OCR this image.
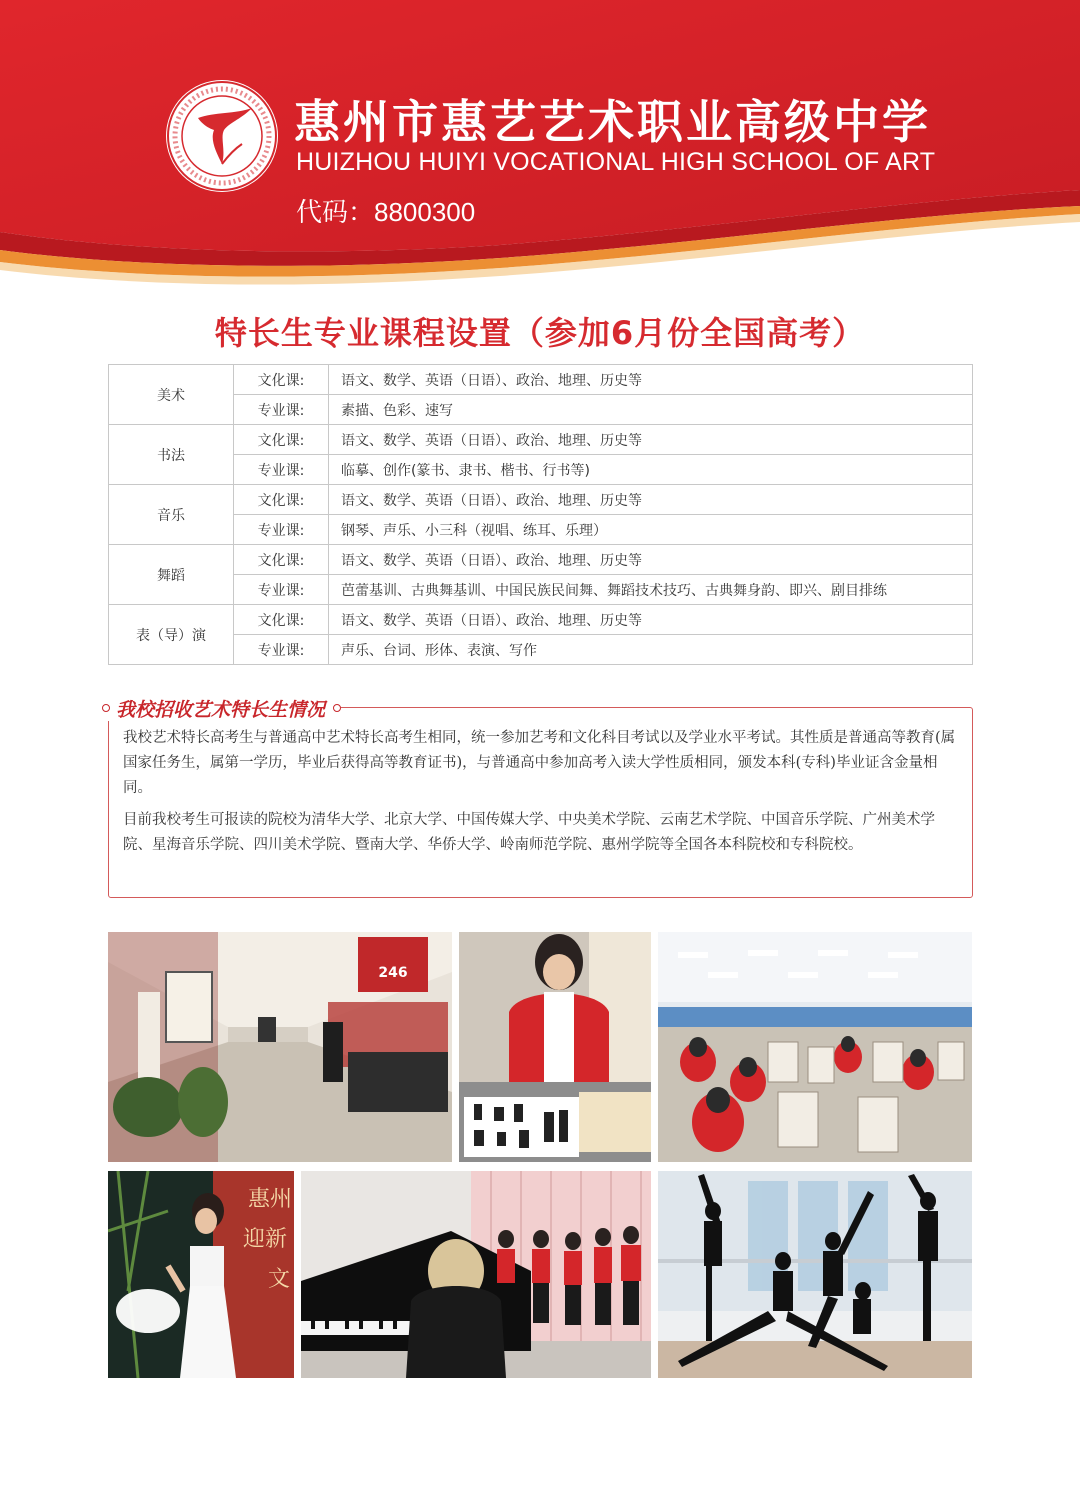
惠州市惠艺艺术职业高级中学
HUIZHOU HUIYI VOCATIONAL HIGH SCHOOL OF ART
代码：8800300
特长生专业课程设置（参加6月份全国高考）
美术	文化课:	语文、数学、英语（日语）、政治、地理、历史等
	专业课:	素描、色彩、速写
书法	文化课:	语文、数学、英语（日语）、政治、地理、历史等
	专业课:	临摹、创作(篆书、隶书、楷书、行书等)
音乐	文化课:	语文、数学、英语（日语）、政治、地理、历史等
	专业课:	钢琴、声乐、小三科（视唱、练耳、乐理）
舞蹈	文化课:	语文、数学、英语（日语）、政治、地理、历史等
	专业课:	芭蕾基训、古典舞基训、中国民族民间舞、舞蹈技术技巧、古典舞身韵、即兴、剧目排练
表（导）演	文化课:	语文、数学、英语（日语）、政治、地理、历史等
	专业课:	声乐、台词、形体、表演、写作
我校招收艺术特长生情况
我校艺术特长高考生与普通高中艺术特长高考生相同，统一参加艺考和文化科目考试以及学业水平考试。其性质是普通高等教育(属国家任务生，属第一学历，毕业后获得高等教育证书)，与普通高中参加高考入读大学性质相同，颁发本科(专科)毕业证含金量相同。
目前我校考生可报读的院校为清华大学、北京大学、中国传媒大学、中央美术学院、云南艺术学院、中国音乐学院、广州美术学院、星海音乐学院、四川美术学院、暨南大学、华侨大学、岭南师范学院、惠州学院等全国各本科院校和专科院校。
246
惠州
迎新
文
